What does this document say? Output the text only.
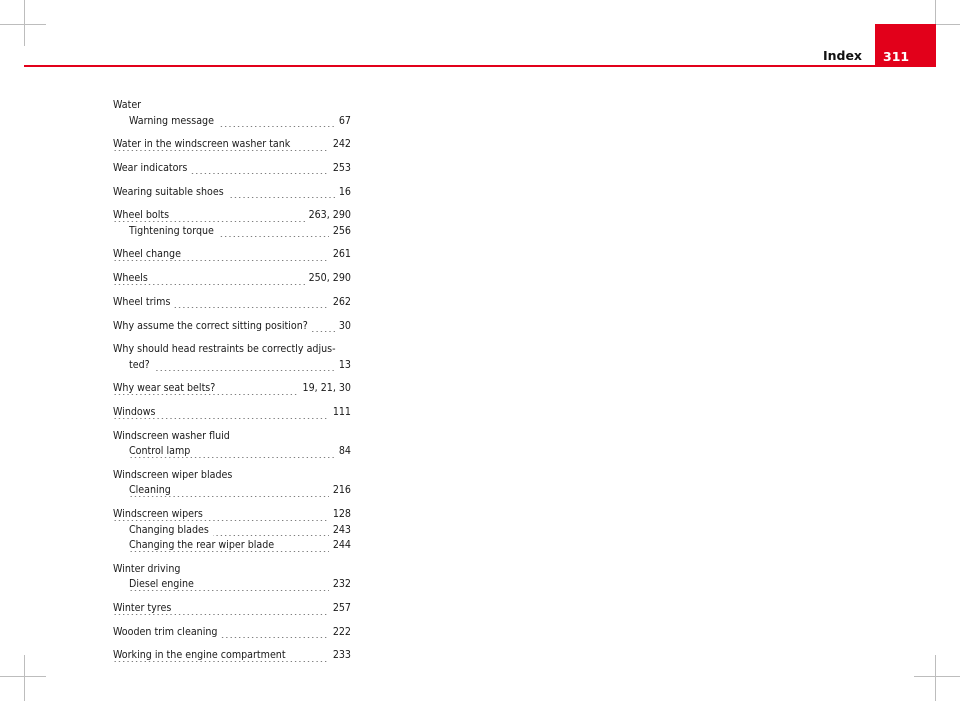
Index 311
Water
Warning message	67
Water in the windscreen washer tank	242
Wear indicators	253
Wearing suitable shoes	16
Wheel bolts	263, 290
Tightening torque	256
Wheel change	261
Wheels	250, 290
Wheel trims	262
Why assume the correct sitting position?	30
Why should head restraints be correctly adjus-
ted?	13
Why wear seat belts?	19, 21, 30
Windows	111
Windscreen washer fluid
Control lamp	84
Windscreen wiper blades
Cleaning	216
Windscreen wipers	128
Changing blades	243
Changing the rear wiper blade	244
Winter driving
Diesel engine	232
Winter tyres	257
Wooden trim cleaning	222
Working in the engine compartment	233
